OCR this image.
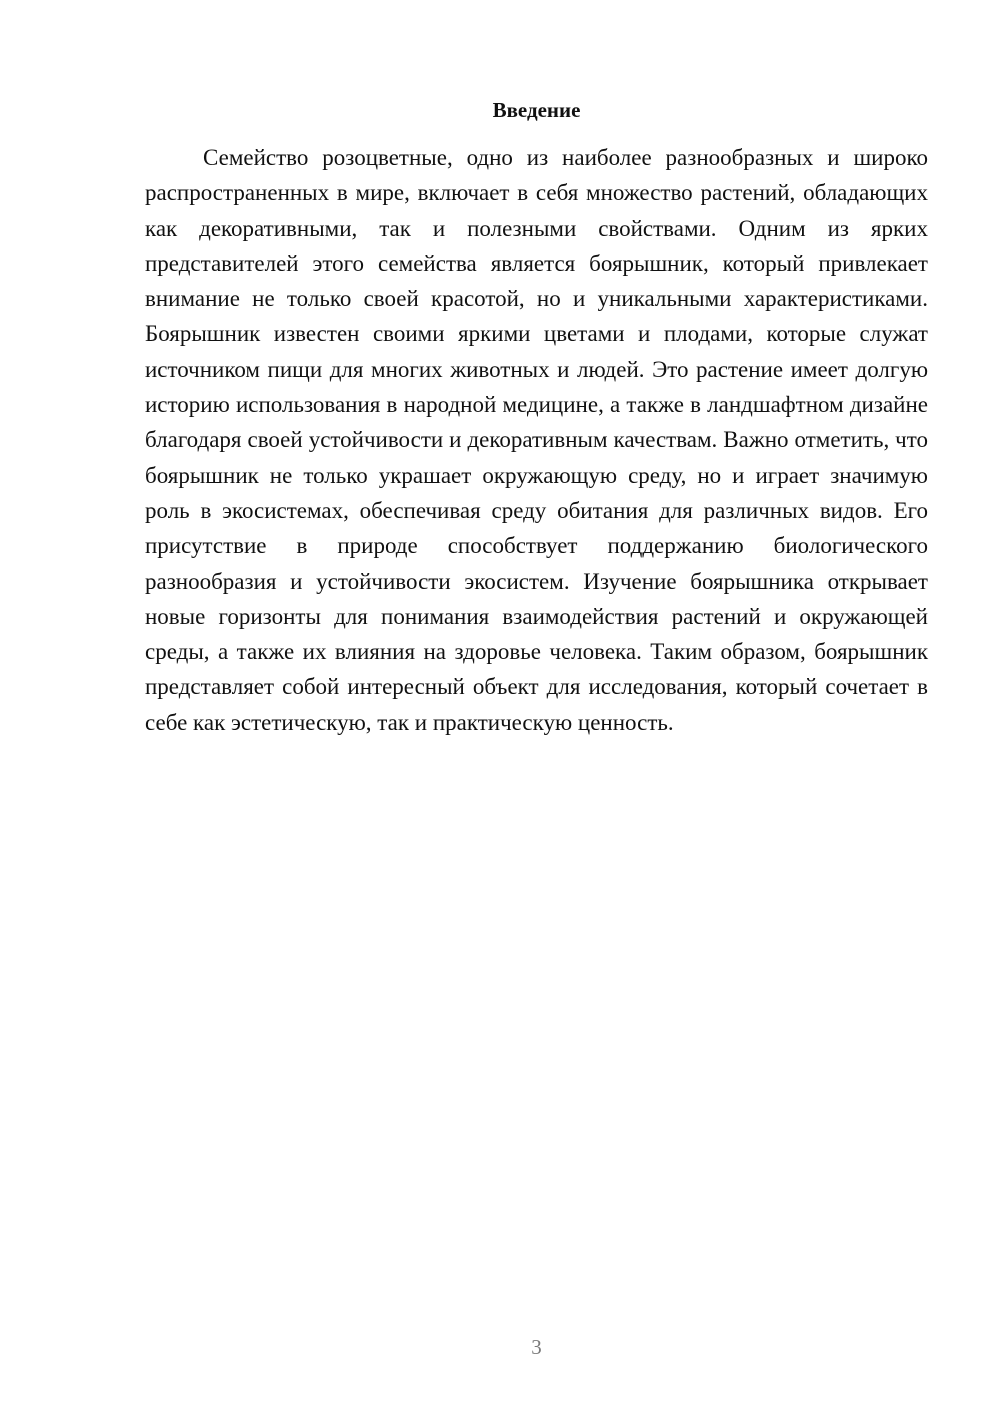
Введение

Семейство розоцветные, одно из наиболее разнообразных и широко распространенных в мире, включает в себя множество растений, обладающих как декоративными, так и полезными свойствами. Одним из ярких представителей этого семейства является боярышник, который привлекает внимание не только своей красотой, но и уникальными характеристиками. Боярышник известен своими яркими цветами и плодами, которые служат источником пищи для многих животных и людей. Это растение имеет долгую историю использования в народной медицине, а также в ландшафтном дизайне благодаря своей устойчивости и декоративным качествам. Важно отметить, что боярышник не только украшает окружающую среду, но и играет значимую роль в экосистемах, обеспечивая среду обитания для различных видов. Его присутствие в природе способствует поддержанию биологического разнообразия и устойчивости экосистем. Изучение боярышника открывает новые горизонты для понимания взаимодействия растений и окружающей среды, а также их влияния на здоровье человека. Таким образом, боярышник представляет собой интересный объект для исследования, который сочетает в себе как эстетическую, так и практическую ценность.

3
